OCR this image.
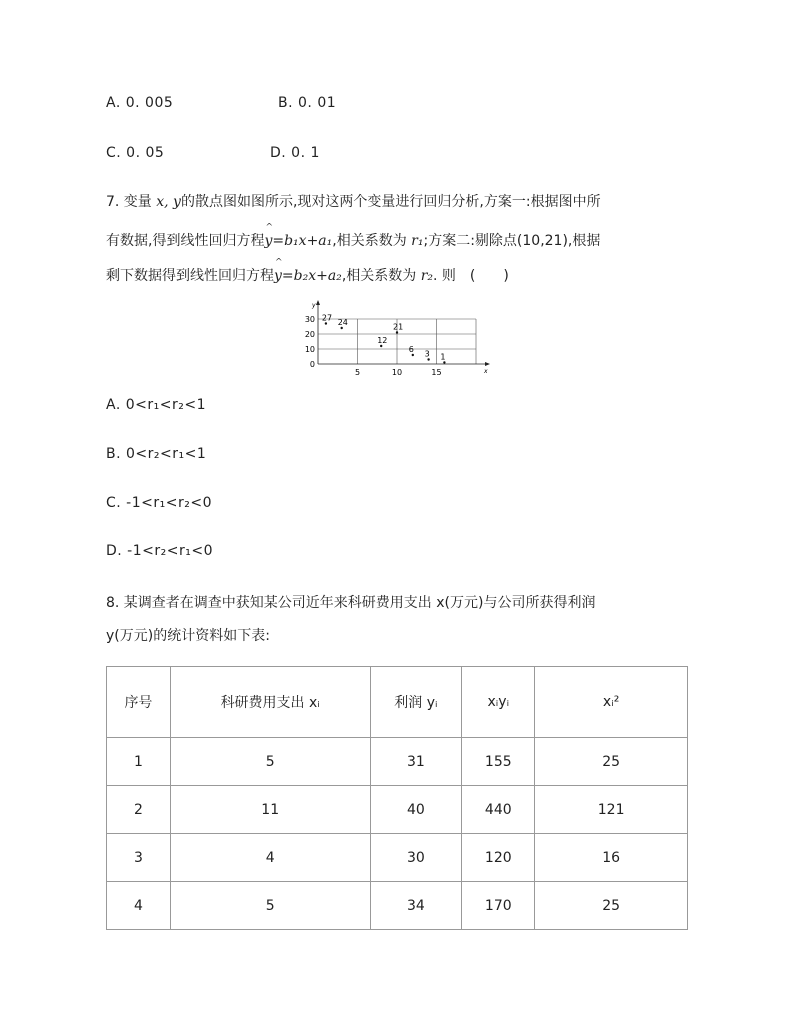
A. 0. 005	B. 0. 01
C. 0. 05	D. 0. 1
7. 变量 x, y的散点图如图所示,现对这两个变量进行回归分析,方案一:根据图中所
有数据,得到线性回归方程^ y=b₁x+a₁,相关系数为 r₁;方案二:剔除点(10,21),根据
剩下数据得到线性回归方程^ y=b₂x+a₂,相关系数为 r₂. 则　(　　)
y
x
0
10
20
30
5	10	15
27 24
12
21
6 3 1
A. 0<r₁<r₂<1
B. 0<r₂<r₁<1
C. -1<r₁<r₂<0
D. -1<r₂<r₁<0
8. 某调查者在调查中获知某公司近年来科研费用支出 x(万元)与公司所获得利润
y(万元)的统计资料如下表:
序号	科研费用支出 xᵢ	利润 yᵢ	xᵢyᵢ	xᵢ²
1	5	31	155	25
2	11	40	440	121
3	4	30	120	16
4	5	34	170	25
